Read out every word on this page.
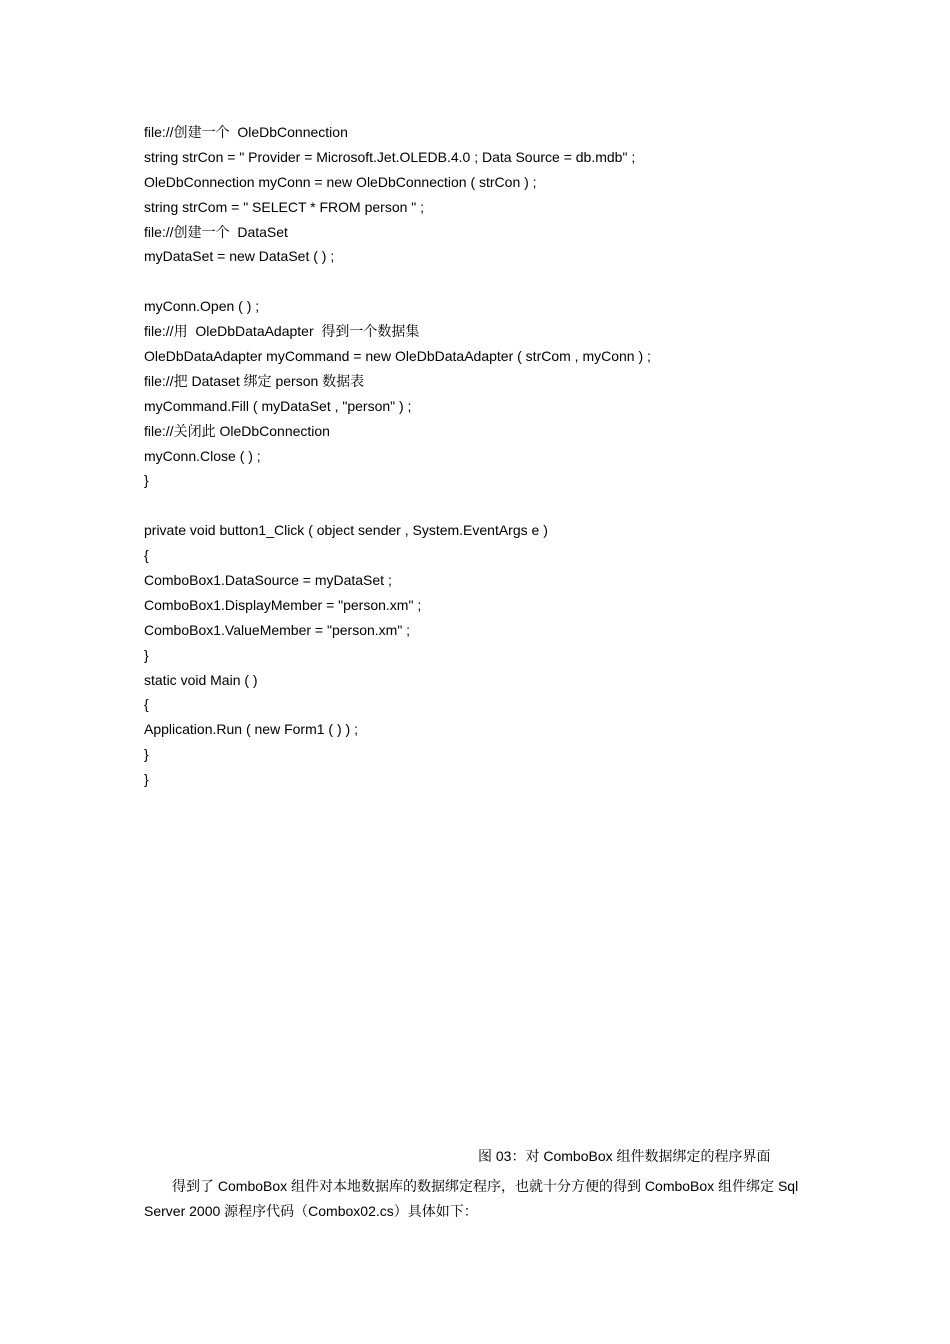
file://创建一个  OleDbConnection
string strCon = " Provider = Microsoft.Jet.OLEDB.4.0 ; Data Source = db.mdb" ;
OleDbConnection myConn = new OleDbConnection ( strCon ) ;
string strCom = " SELECT * FROM person " ;
file://创建一个  DataSet
myDataSet = new DataSet ( ) ;
myConn.Open ( ) ;
file://用  OleDbDataAdapter  得到一个数据集
OleDbDataAdapter myCommand = new OleDbDataAdapter ( strCom , myConn ) ;
file://把 Dataset 绑定 person 数据表
myCommand.Fill ( myDataSet , "person" ) ;
file://关闭此 OleDbConnection
myConn.Close ( ) ;
}
private void button1_Click ( object sender , System.EventArgs e )
{
ComboBox1.DataSource = myDataSet ;
ComboBox1.DisplayMember = "person.xm" ;
ComboBox1.ValueMember = "person.xm" ;
}
static void Main ( )
{
Application.Run ( new Form1 ( ) ) ;
}
}
图 03：对 ComboBox 组件数据绑定的程序界面

得到了 ComboBox 组件对本地数据库的数据绑定程序，也就十分方便的得到 ComboBox 组件绑定 Sql Server 2000 源程序代码（Combox02.cs）具体如下：
